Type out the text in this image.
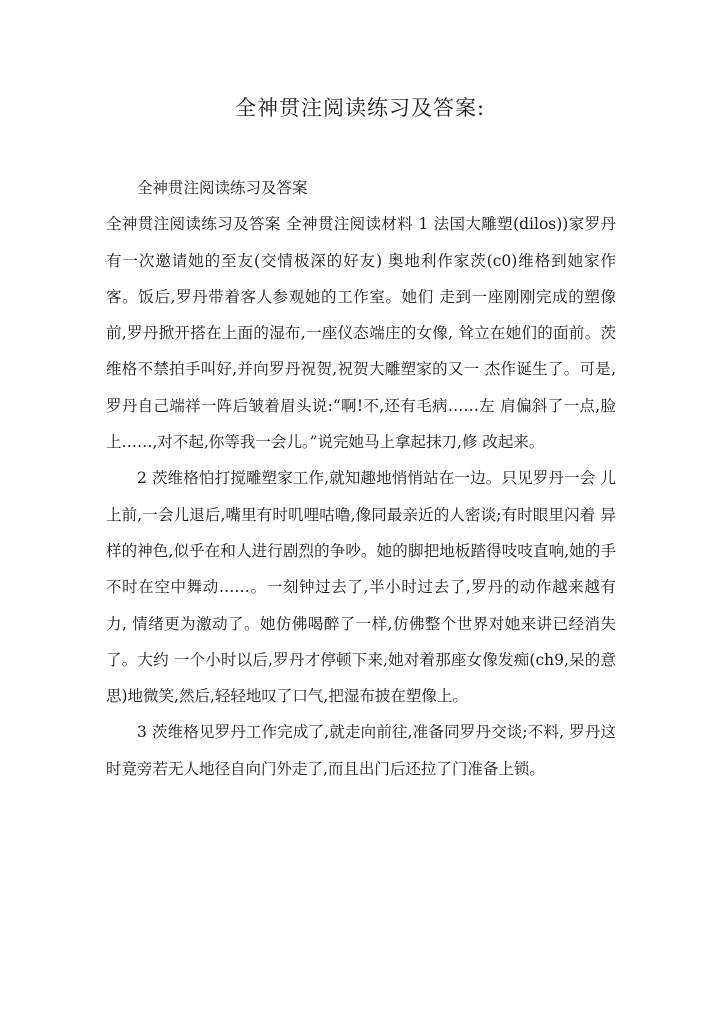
全神贯注阅读练习及答案:

全神贯注阅读练习及答案

全神贯注阅读练习及答案 全神贯注阅读材料 1 法国大雕塑(dilos))家罗丹有一次邀请她的至友(交情极深的好友) 奥地利作家茨(c0)维格到她家作客。饭后,罗丹带着客人参观她的工作室。她们 走到一座刚刚完成的塑像前,罗丹掀开搭在上面的湿布,一座仪态端庄的女像, 耸立在她们的面前。茨维格不禁拍手叫好,并向罗丹祝贺,祝贺大雕塑家的又一 杰作诞生了。可是,罗丹自己端祥一阵后皱着眉头说:“啊!不,还有毛病……左 肩偏斜了一点,脸上……,对不起,你等我一会儿。”说完她马上拿起抹刀,修 改起来。

2 茨维格怕打搅雕塑家工作,就知趣地悄悄站在一边。只见罗丹一会 儿上前,一会儿退后,嘴里有时叽哩咕噜,像同最亲近的人密谈;有时眼里闪着 异样的神色,似乎在和人进行剧烈的争吵。她的脚把地板踏得吱吱直响,她的手 不时在空中舞动……。一刻钟过去了,半小时过去了,罗丹的动作越来越有力, 情绪更为激动了。她仿佛喝醉了一样,仿佛整个世界对她来讲已经消失了。大约 一个小时以后,罗丹才停顿下来,她对着那座女像发痴(ch9,呆的意思)地微笑,然后,轻轻地叹了口气,把湿布披在塑像上。

3 茨维格见罗丹工作完成了,就走向前往,准备同罗丹交谈;不料, 罗丹这时竟旁若无人地径自向门外走了,而且出门后还拉了门准备上锁。
